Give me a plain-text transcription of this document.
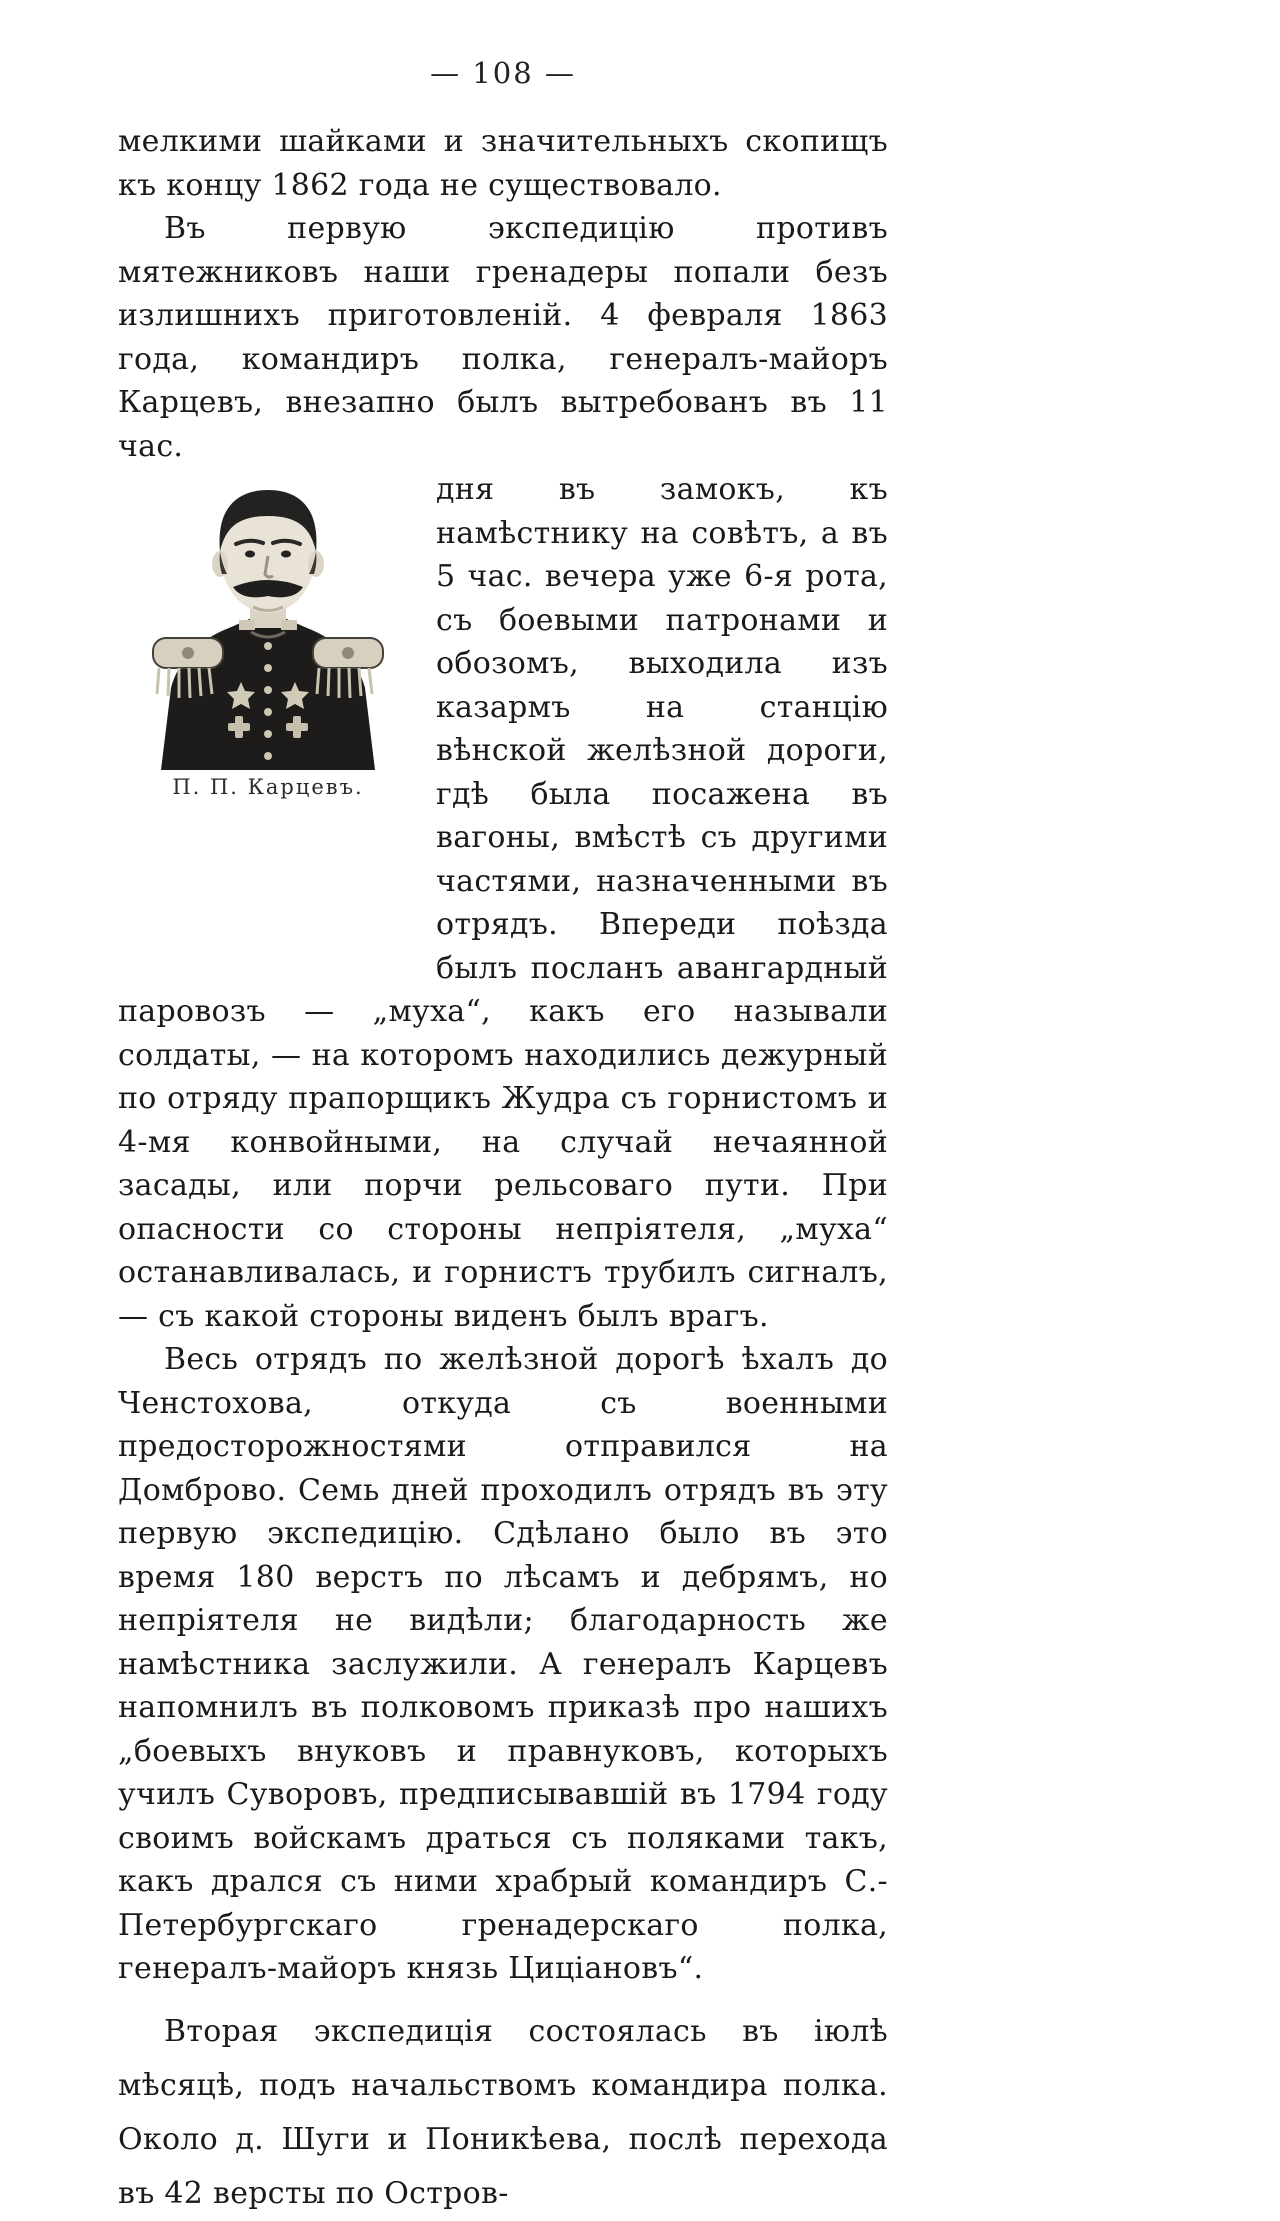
— 108 —

мелкими шайками и значительныхъ скопищъ къ концу 1862 года не существовало.

Въ первую экспедицію противъ мятежниковъ наши гренадеры попали безъ излишнихъ приготовленій. 4 февраля 1863 года, командиръ полка, генералъ-майоръ Карцевъ, внезапно былъ вытребованъ въ 11 час.

П. П. Карцевъ.

дня въ замокъ, къ намѣстнику на совѣтъ, а въ 5 час. вечера уже 6-я рота, съ боевыми патронами и обозомъ, выходила изъ казармъ на станцію вѣнской желѣзной дороги, гдѣ была посажена въ вагоны, вмѣстѣ съ другими частями, назначенными въ отрядъ. Впереди поѣзда былъ посланъ авангардный паровозъ — „муха“, какъ его называли солдаты, — на которомъ находились дежурный по отряду прапорщикъ Жудра съ горнистомъ и 4-мя конвойными, на случай нечаянной засады, или порчи рельсоваго пути. При опасности со стороны непріятеля, „муха“ останавливалась, и горнистъ трубилъ сигналъ, — съ какой стороны виденъ былъ врагъ.

Весь отрядъ по желѣзной дорогѣ ѣхалъ до Ченстохова, откуда съ военными предосторожностями отправился на Домброво. Семь дней проходилъ отрядъ въ эту первую экспедицію. Сдѣлано было въ это время 180 верстъ по лѣсамъ и дебрямъ, но непріятеля не видѣли; благодарность же намѣстника заслужили. А генералъ Карцевъ напомнилъ въ полковомъ приказѣ про нашихъ „боевыхъ внуковъ и правнуковъ, которыхъ училъ Суворовъ, предписывавшій въ 1794 году своимъ войскамъ драться съ поляками такъ, какъ дрался съ ними храбрый командиръ С.-Петербургскаго гренадерскаго полка, генералъ-майоръ князь Циціановъ“.

Вторая экспедиція состоялась въ іюлѣ мѣсяцѣ, подъ начальствомъ командира полка. Около д. Шуги и Поникѣева, послѣ перехода въ 42 версты по Остров-
